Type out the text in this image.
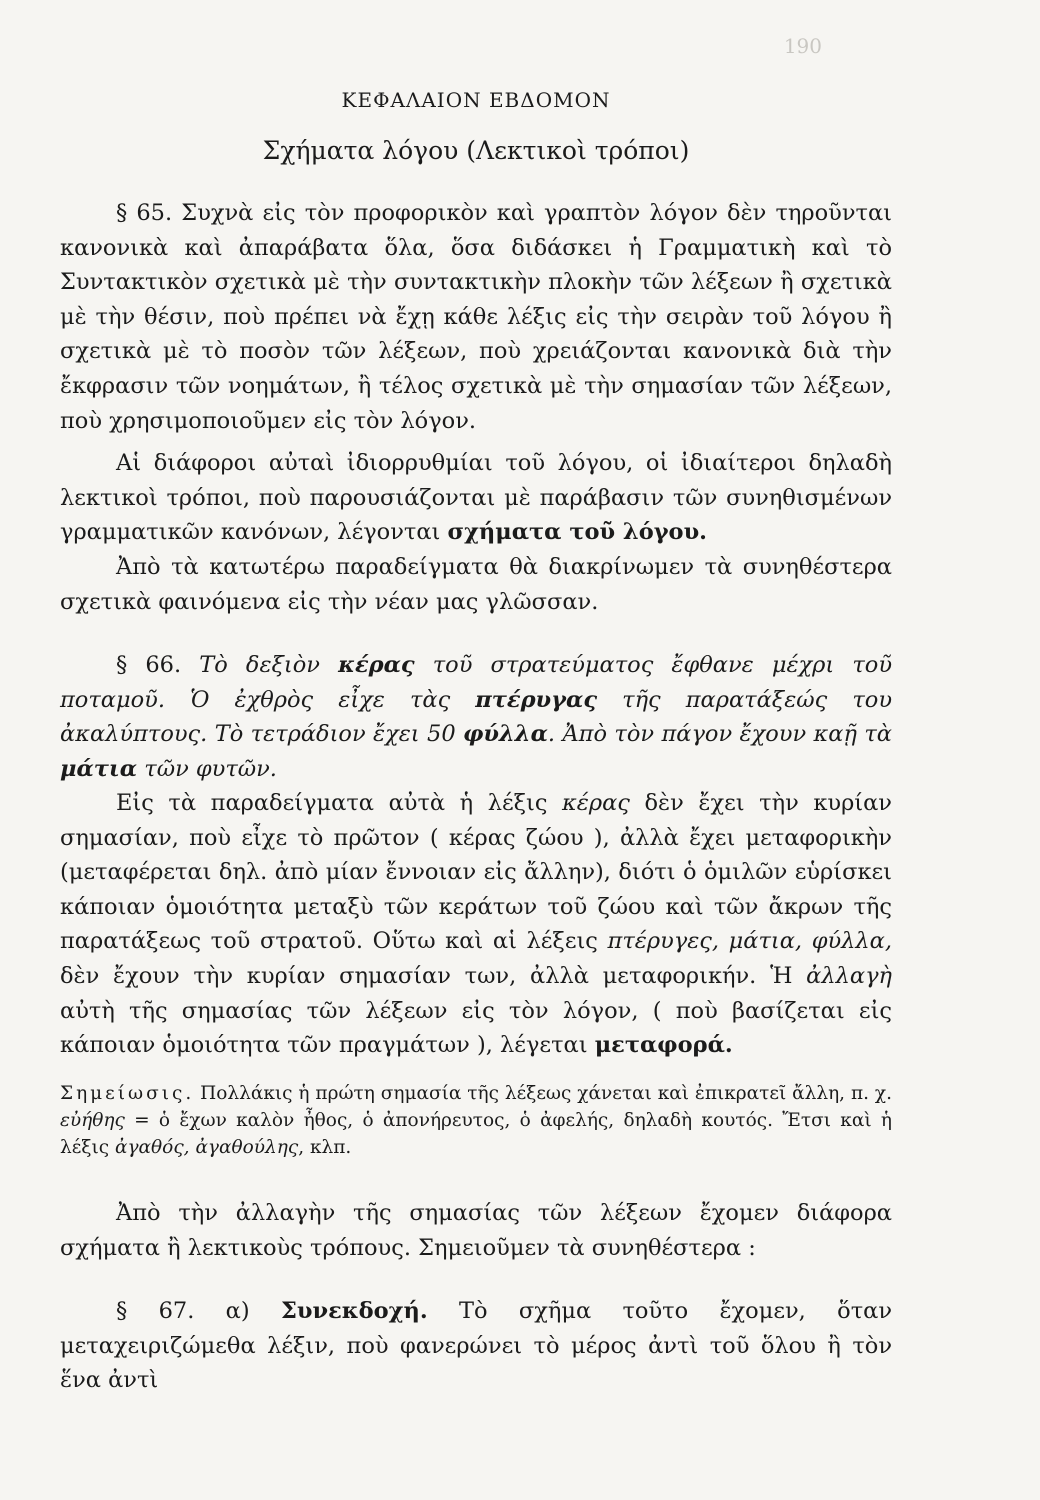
190
ΚΕΦΑΛΑΙΟΝ ΕΒΔΟΜΟΝ
Σχήματα λόγου (Λεκτικοὶ τρόποι)

§ 65. Συχνὰ εἰς τὸν προφορικὸν καὶ γραπτὸν λόγον δὲν τηροῦνται κανονικὰ καὶ ἀπαράβατα ὅλα, ὅσα διδάσκει ἡ Γραμματικὴ καὶ τὸ Συντακτικὸν σχετικὰ μὲ τὴν συντακτικὴν πλοκὴν τῶν λέξεων ἢ σχετικὰ μὲ τὴν θέσιν, ποὺ πρέπει νὰ ἔχῃ κάθε λέξις εἰς τὴν σειρὰν τοῦ λόγου ἢ σχετικὰ μὲ τὸ ποσὸν τῶν λέξεων, ποὺ χρειάζονται κανονικὰ διὰ τὴν ἔκφρασιν τῶν νοημάτων, ἢ τέλος σχετικὰ μὲ τὴν σημασίαν τῶν λέξεων, ποὺ χρησιμοποιοῦμεν εἰς τὸν λόγον.

Αἱ διάφοροι αὐταὶ ἰδιορρυθμίαι τοῦ λόγου, οἱ ἰδιαίτεροι δηλαδὴ λεκτικοὶ τρόποι, ποὺ παρουσιάζονται μὲ παράβασιν τῶν συνηθισμένων γραμματικῶν κανόνων, λέγονται σχήματα τοῦ λόγου.

Ἀπὸ τὰ κατωτέρω παραδείγματα θὰ διακρίνωμεν τὰ συνηθέστερα σχετικὰ φαινόμενα εἰς τὴν νέαν μας γλῶσσαν.

§ 66. Τὸ δεξιὸν κέρας τοῦ στρατεύματος ἔφθανε μέχρι τοῦ ποταμοῦ. Ὁ ἐχθρὸς εἶχε τὰς πτέρυγας τῆς παρατάξεώς του ἀκαλύπτους. Τὸ τετράδιον ἔχει 50 φύλλα. Ἀπὸ τὸν πάγον ἔχουν καῇ τὰ μάτια τῶν φυτῶν.

Εἰς τὰ παραδείγματα αὐτὰ ἡ λέξις κέρας δὲν ἔχει τὴν κυρίαν σημασίαν, ποὺ εἶχε τὸ πρῶτον ( κέρας ζώου ), ἀλλὰ ἔχει μεταφορικὴν (μεταφέρεται δηλ. ἀπὸ μίαν ἔννοιαν εἰς ἄλλην), διότι ὁ ὁμιλῶν εὑρίσκει κάποιαν ὁμοιότητα μεταξὺ τῶν κεράτων τοῦ ζώου καὶ τῶν ἄκρων τῆς παρατάξεως τοῦ στρατοῦ. Οὕτω καὶ αἱ λέξεις πτέρυγες, μάτια, φύλλα, δὲν ἔχουν τὴν κυρίαν σημασίαν των, ἀλλὰ μεταφορικήν. Ἡ ἀλλαγὴ αὐτὴ τῆς σημασίας τῶν λέξεων εἰς τὸν λόγον, ( ποὺ βασίζεται εἰς κάποιαν ὁμοιότητα τῶν πραγμάτων ), λέγεται μεταφορά.

Σημείωσις. Πολλάκις ἡ πρώτη σημασία τῆς λέξεως χάνεται καὶ ἐπικρατεῖ ἄλλη, π. χ. εὐήθης = ὁ ἔχων καλὸν ἦθος, ὁ ἀπονήρευτος, ὁ ἀφελής, δηλαδὴ κουτός. Ἔτσι καὶ ἡ λέξις ἀγαθός, ἀγαθούλης, κλπ.

Ἀπὸ τὴν ἀλλαγὴν τῆς σημασίας τῶν λέξεων ἔχομεν διάφορα σχήματα ἢ λεκτικοὺς τρόπους. Σημειοῦμεν τὰ συνηθέστερα :

§ 67. α) Συνεκδοχή. Τὸ σχῆμα τοῦτο ἔχομεν, ὅταν μεταχειριζώμεθα λέξιν, ποὺ φανερώνει τὸ μέρος ἀντὶ τοῦ ὅλου ἢ τὸν ἕνα ἀντὶ
